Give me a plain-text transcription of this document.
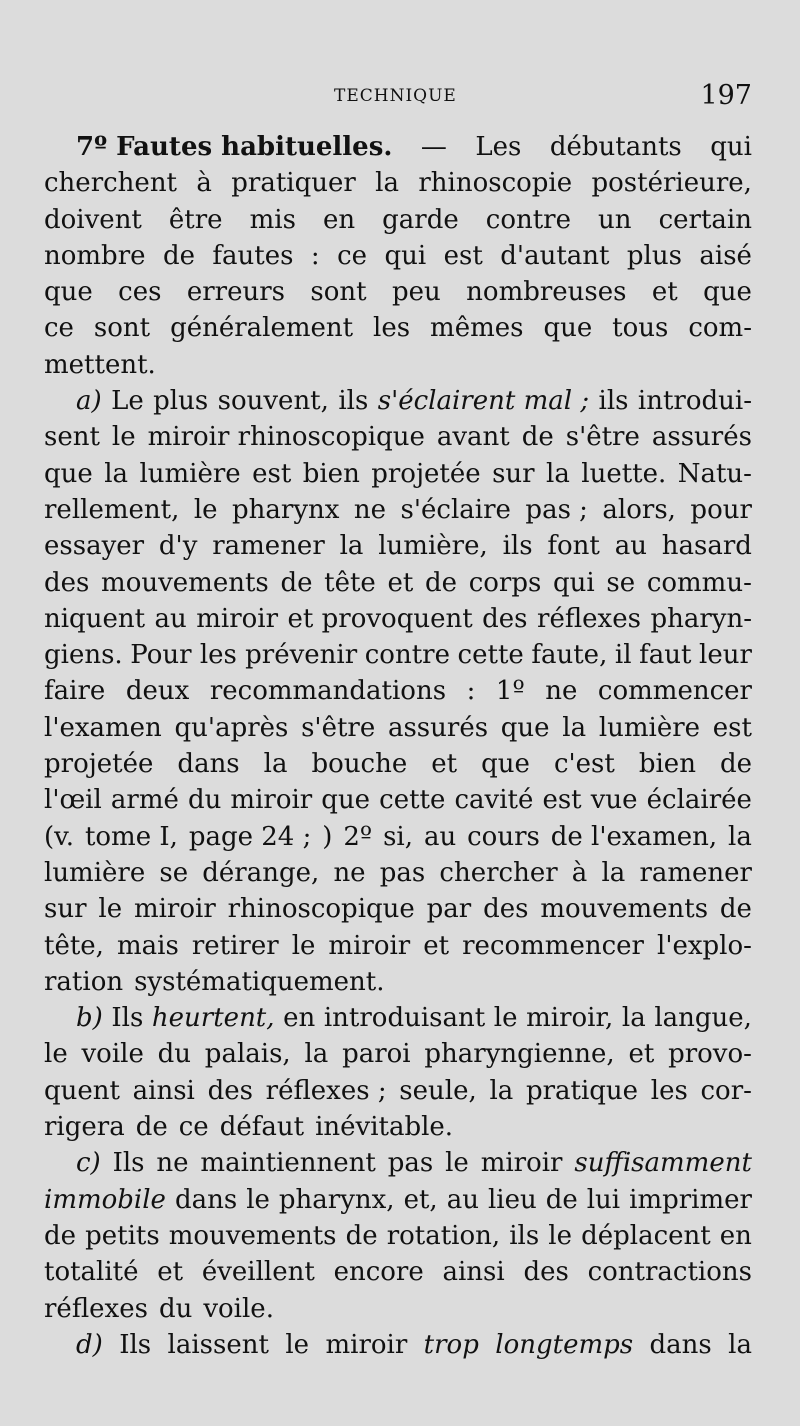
TECHNIQUE	197
7º Fautes habituelles. — Les débutants qui
cherchent à pratiquer la rhinoscopie postérieure,
doivent être mis en garde contre un certain
nombre de fautes : ce qui est d'autant plus aisé
que ces erreurs sont peu nombreuses et que
ce sont généralement les mêmes que tous com-
mettent.
a) Le plus souvent, ils s'éclairent mal ; ils introdui-
sent le miroir rhinoscopique avant de s'être assurés
que la lumière est bien projetée sur la luette. Natu-
rellement, le pharynx ne s'éclaire pas ; alors, pour
essayer d'y ramener la lumière, ils font au hasard
des mouvements de tête et de corps qui se commu-
niquent au miroir et provoquent des réflexes pharyn-
giens. Pour les prévenir contre cette faute, il faut leur
faire deux recommandations : 1º ne commencer
l'examen qu'après s'être assurés que la lumière est
projetée dans la bouche et que c'est bien de
l'œil armé du miroir que cette cavité est vue éclairée
(v. tome I, page 24 ; ) 2º si, au cours de l'examen, la
lumière se dérange, ne pas chercher à la ramener
sur le miroir rhinoscopique par des mouvements de
tête, mais retirer le miroir et recommencer l'explo-
ration systématiquement.
b) Ils heurtent, en introduisant le miroir, la langue,
le voile du palais, la paroi pharyngienne, et provo-
quent ainsi des réflexes ; seule, la pratique les cor-
rigera de ce défaut inévitable.
c) Ils ne maintiennent pas le miroir suffisamment
immobile dans le pharynx, et, au lieu de lui imprimer
de petits mouvements de rotation, ils le déplacent en
totalité et éveillent encore ainsi des contractions
réflexes du voile.
d) Ils laissent le miroir trop longtemps dans la
